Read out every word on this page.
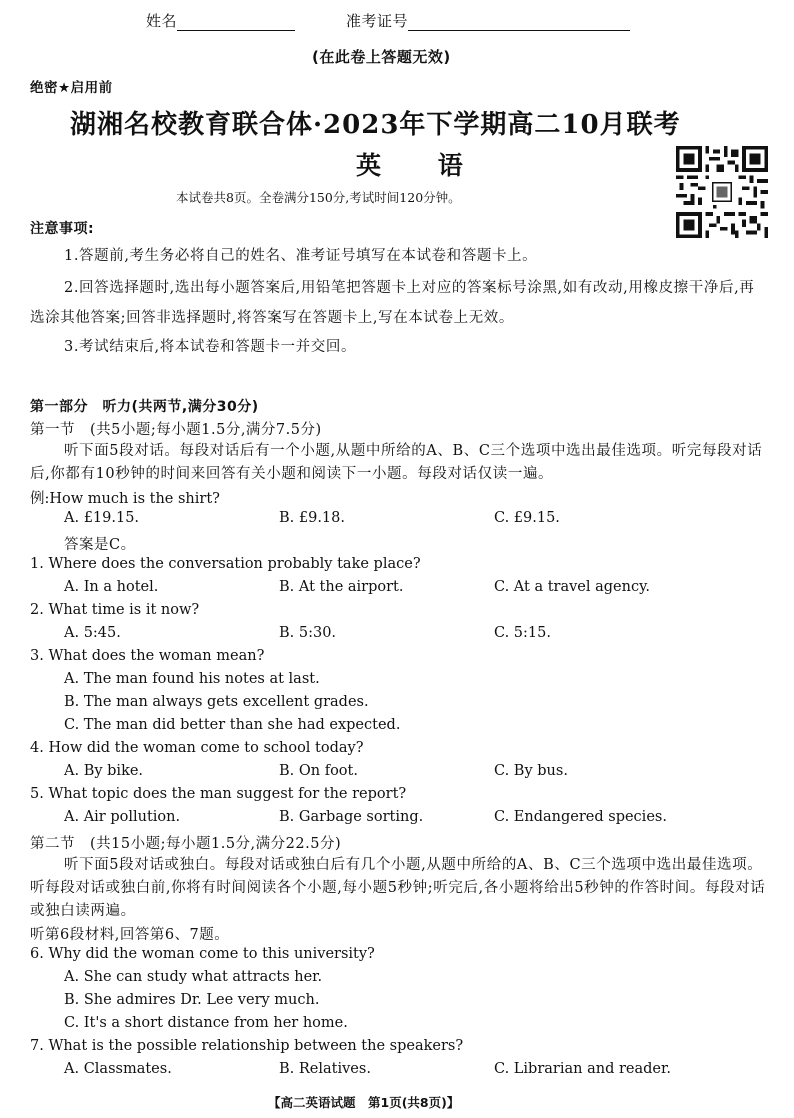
姓名	准考证号
(在此卷上答题无效)
绝密★启用前
湖湘名校教育联合体·2023年下学期高二10月联考
英 语
本试卷共8页。全卷满分150分,考试时间120分钟。
注意事项:
1.答题前,考生务必将自己的姓名、准考证号填写在本试卷和答题卡上。
2.回答选择题时,选出每小题答案后,用铅笔把答题卡上对应的答案标号涂黑,如有改动,用橡皮擦干净后,再选涂其他答案;回答非选择题时,将答案写在答题卡上,写在本试卷上无效。
3.考试结束后,将本试卷和答题卡一并交回。
第一部分　听力(共两节,满分30分)
第一节　(共5小题;每小题1.5分,满分7.5分)
听下面5段对话。每段对话后有一个小题,从题中所给的A、B、C三个选项中选出最佳选项。听完每段对话后,你都有10秒钟的时间来回答有关小题和阅读下一小题。每段对话仅读一遍。
例:How much is the shirt?
A. £19.15.	B. £9.18.	C. £9.15.
答案是C。
1. Where does the conversation probably take place?
A. In a hotel.	B. At the airport.	C. At a travel agency.
2. What time is it now?
A. 5:45.	B. 5:30.	C. 5:15.
3. What does the woman mean?
A. The man found his notes at last.
B. The man always gets excellent grades.
C. The man did better than she had expected.
4. How did the woman come to school today?
A. By bike.	B. On foot.	C. By bus.
5. What topic does the man suggest for the report?
A. Air pollution.	B. Garbage sorting.	C. Endangered species.
第二节　(共15小题;每小题1.5分,满分22.5分)
听下面5段对话或独白。每段对话或独白后有几个小题,从题中所给的A、B、C三个选项中选出最佳选项。听每段对话或独白前,你将有时间阅读各个小题,每小题5秒钟;听完后,各小题将给出5秒钟的作答时间。每段对话或独白读两遍。
听第6段材料,回答第6、7题。
6. Why did the woman come to this university?
A. She can study what attracts her.
B. She admires Dr. Lee very much.
C. It's a short distance from her home.
7. What is the possible relationship between the speakers?
A. Classmates.	B. Relatives.	C. Librarian and reader.
【高二英语试题　第1页(共8页)】
